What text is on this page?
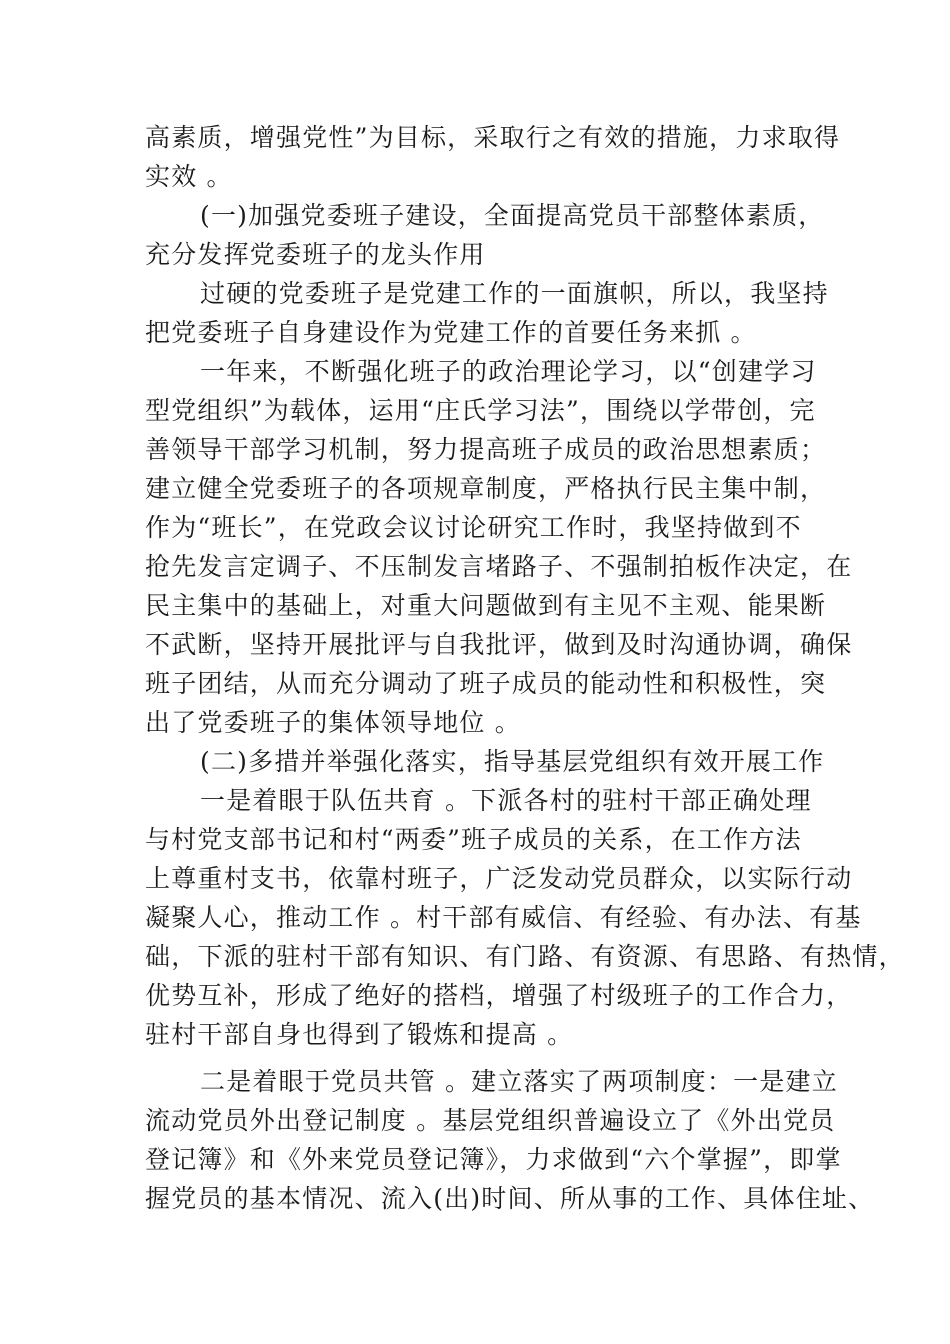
高素质，增强党性”为目标，采取行之有效的措施，力求取得
实效 。
(一)加强党委班子建设，全面提高党员干部整体素质，
充分发挥党委班子的龙头作用
过硬的党委班子是党建工作的一面旗帜，所以，我坚持
把党委班子自身建设作为党建工作的首要任务来抓 。
一年来，不断强化班子的政治理论学习，以“创建学习
型党组织”为载体，运用“庄氏学习法”，围绕以学带创，完
善领导干部学习机制，努力提高班子成员的政治思想素质；
建立健全党委班子的各项规章制度，严格执行民主集中制，
作为“班长”，在党政会议讨论研究工作时，我坚持做到不
抢先发言定调子、不压制发言堵路子、不强制拍板作决定，在
民主集中的基础上，对重大问题做到有主见不主观、能果断
不武断，坚持开展批评与自我批评，做到及时沟通协调，确保
班子团结，从而充分调动了班子成员的能动性和积极性，突
出了党委班子的集体领导地位 。
(二)多措并举强化落实，指导基层党组织有效开展工作
一是着眼于队伍共育 。下派各村的驻村干部正确处理
与村党支部书记和村“两委”班子成员的关系，在工作方法
上尊重村支书，依靠村班子，广泛发动党员群众，以实际行动
凝聚人心，推动工作 。村干部有威信、有经验、有办法、有基
础，下派的驻村干部有知识、有门路、有资源、有思路、有热情，
优势互补，形成了绝好的搭档，增强了村级班子的工作合力，
驻村干部自身也得到了锻炼和提高 。
二是着眼于党员共管 。建立落实了两项制度：一是建立
流动党员外出登记制度 。基层党组织普遍设立了《外出党员
登记簿》和《外来党员登记簿》，力求做到“六个掌握”，即掌
握党员的基本情况、流入(出)时间、所从事的工作、具体住址、
